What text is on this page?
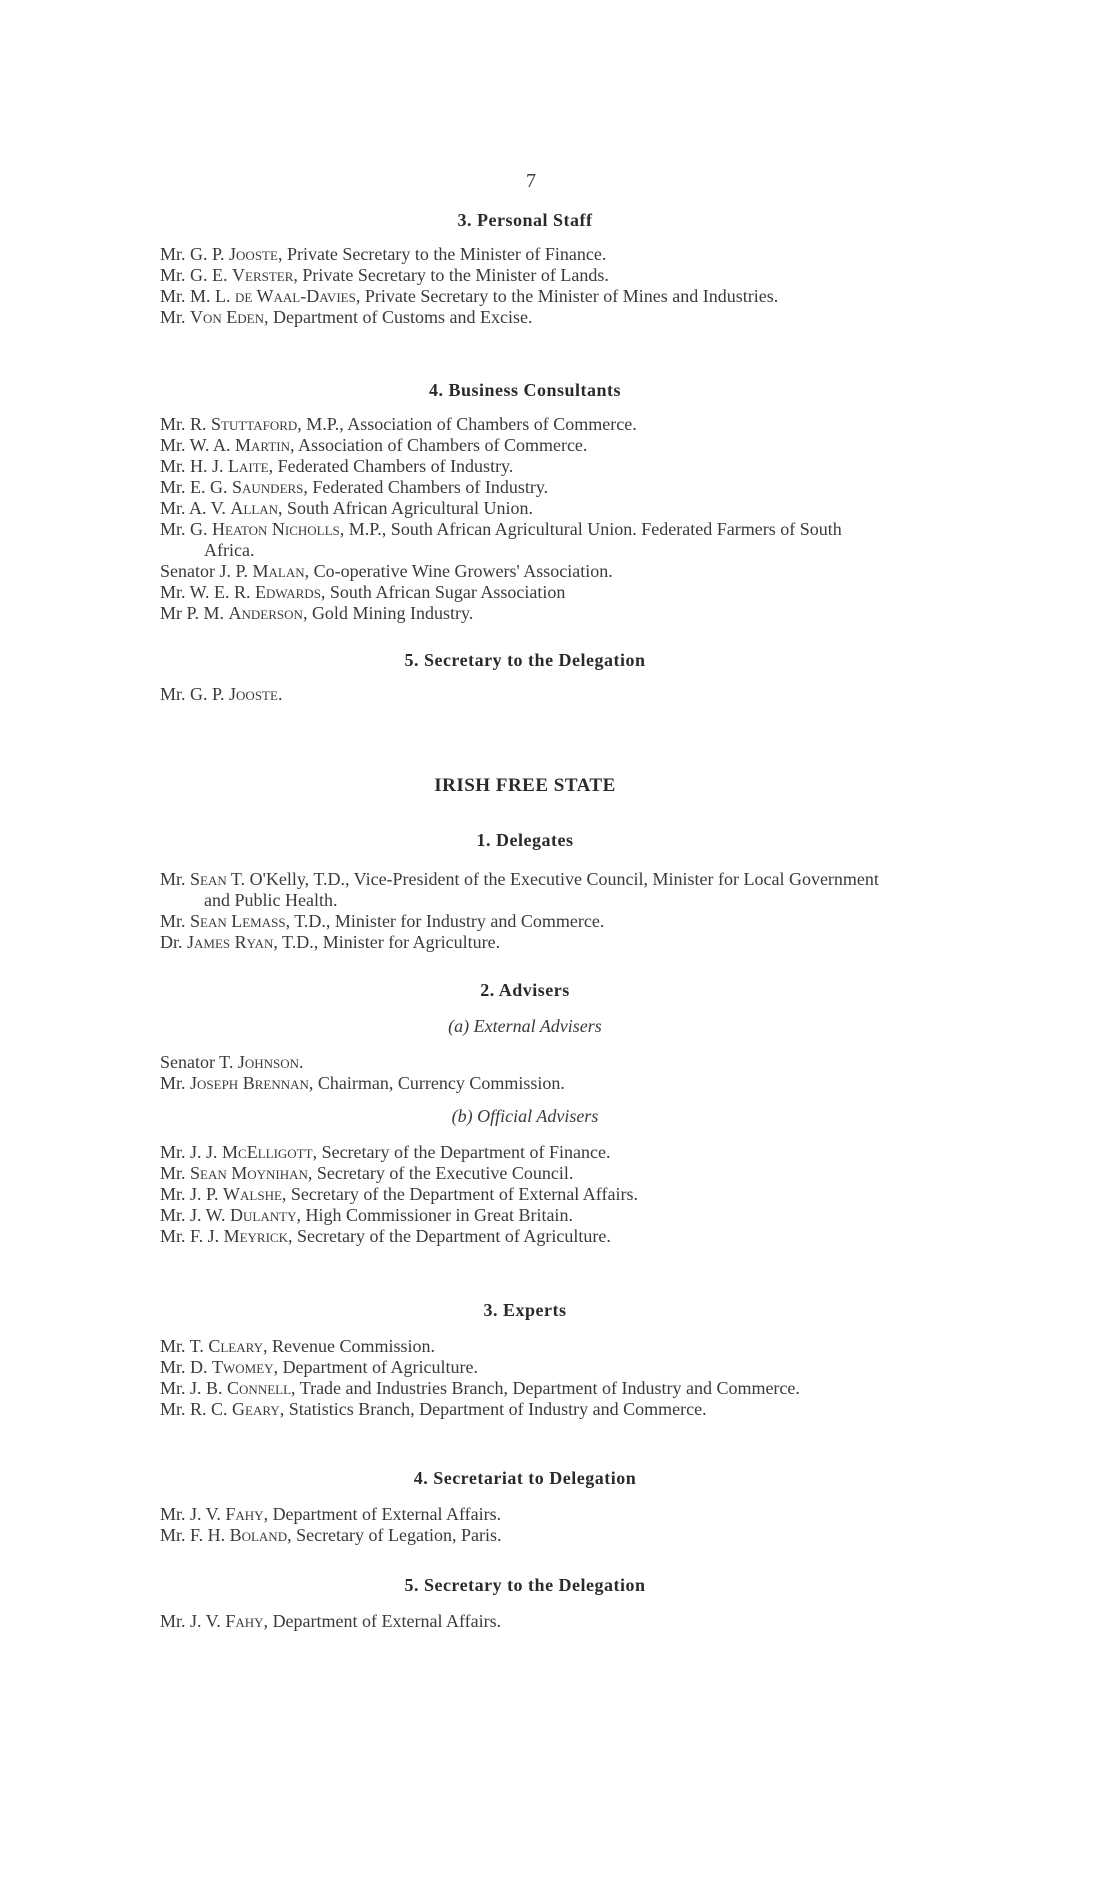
7
3. Personal Staff
Mr. G. P. Jooste, Private Secretary to the Minister of Finance.
Mr. G. E. Verster, Private Secretary to the Minister of Lands.
Mr. M. L. de Waal-Davies, Private Secretary to the Minister of Mines and Industries.
Mr. Von Eden, Department of Customs and Excise.
4. Business Consultants
Mr. R. Stuttaford, M.P., Association of Chambers of Commerce.
Mr. W. A. Martin, Association of Chambers of Commerce.
Mr. H. J. Laite, Federated Chambers of Industry.
Mr. E. G. Saunders, Federated Chambers of Industry.
Mr. A. V. Allan, South African Agricultural Union.
Mr. G. Heaton Nicholls, M.P., South African Agricultural Union. Federated Farmers of South Africa.
Senator J. P. Malan, Co-operative Wine Growers' Association.
Mr. W. E. R. Edwards, South African Sugar Association
Mr P. M. Anderson, Gold Mining Industry.
5. Secretary to the Delegation
Mr. G. P. Jooste.
IRISH FREE STATE
1. Delegates
Mr. Sean T. O'Kelly, T.D., Vice-President of the Executive Council, Minister for Local Government and Public Health.
Mr. Sean Lemass, T.D., Minister for Industry and Commerce.
Dr. James Ryan, T.D., Minister for Agriculture.
2. Advisers
(a) External Advisers
Senator T. Johnson.
Mr. Joseph Brennan, Chairman, Currency Commission.
(b) Official Advisers
Mr. J. J. McElligott, Secretary of the Department of Finance.
Mr. Sean Moynihan, Secretary of the Executive Council.
Mr. J. P. Walshe, Secretary of the Department of External Affairs.
Mr. J. W. Dulanty, High Commissioner in Great Britain.
Mr. F. J. Meyrick, Secretary of the Department of Agriculture.
3. Experts
Mr. T. Cleary, Revenue Commission.
Mr. D. Twomey, Department of Agriculture.
Mr. J. B. Connell, Trade and Industries Branch, Department of Industry and Commerce.
Mr. R. C. Geary, Statistics Branch, Department of Industry and Commerce.
4. Secretariat to Delegation
Mr. J. V. Fahy, Department of External Affairs.
Mr. F. H. Boland, Secretary of Legation, Paris.
5. Secretary to the Delegation
Mr. J. V. Fahy, Department of External Affairs.
